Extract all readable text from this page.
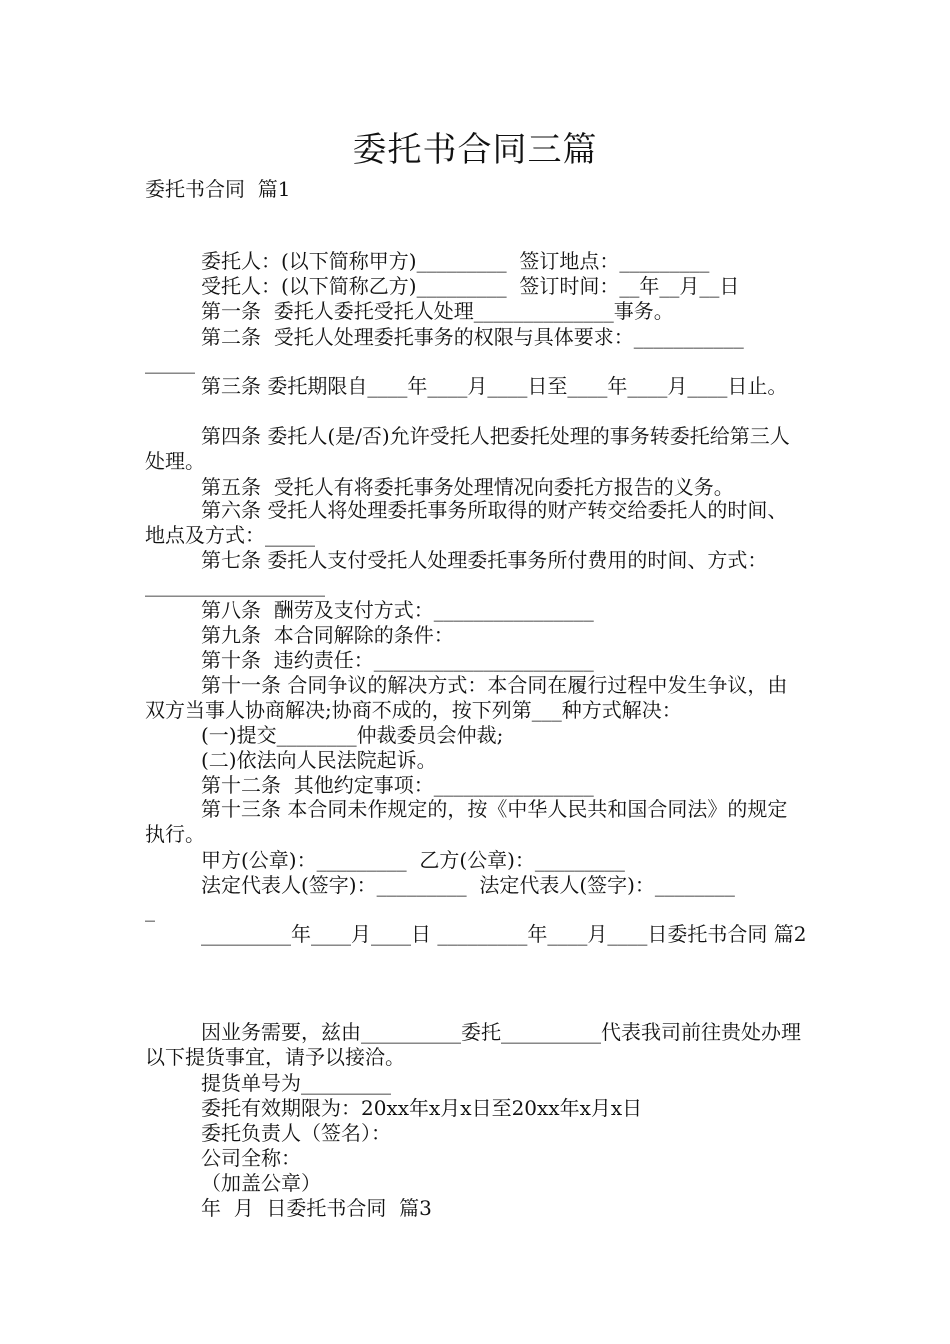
委托书合同三篇
委托书合同  篇1
委托人：(以下简称甲方)_________  签订地点：_________
受托人：(以下简称乙方)_________  签订时间：__年__月__日
第一条  委托人委托受托人处理______________事务。
第二条  受托人处理委托事务的权限与具体要求：___________
_____
第三条 委托期限自____年____月____日至____年____月____日止。
第四条 委托人(是/否)允许受托人把委托处理的事务转委托给第三人处理。
第五条  受托人有将委托事务处理情况向委托方报告的义务。
第六条 受托人将处理委托事务所取得的财产转交给委托人的时间、地点及方式：_____
第七条 委托人支付受托人处理委托事务所付费用的时间、方式：__________________
第八条  酬劳及支付方式：________________
第九条  本合同解除的条件：
第十条  违约责任：______________________
第十一条 合同争议的解决方式：本合同在履行过程中发生争议，由双方当事人协商解决;协商不成的，按下列第___种方式解决：
(一)提交________仲裁委员会仲裁;
(二)依法向人民法院起诉。
第十二条  其他约定事项：________________
第十三条 本合同未作规定的，按《中华人民共和国合同法》的规定执行。
甲方(公章)：_________  乙方(公章)：_________
法定代表人(签字)：_________  法定代表人(签字)：________
_
_________年____月____日 _________年____月____日委托书合同 篇2
因业务需要，兹由__________委托__________代表我司前往贵处办理以下提货事宜，请予以接洽。
提货单号为_________
委托有效期限为：20xx年x月x日至20xx年x月x日
委托负责人（签名）：
公司全称：
（加盖公章）
年  月  日委托书合同  篇3
